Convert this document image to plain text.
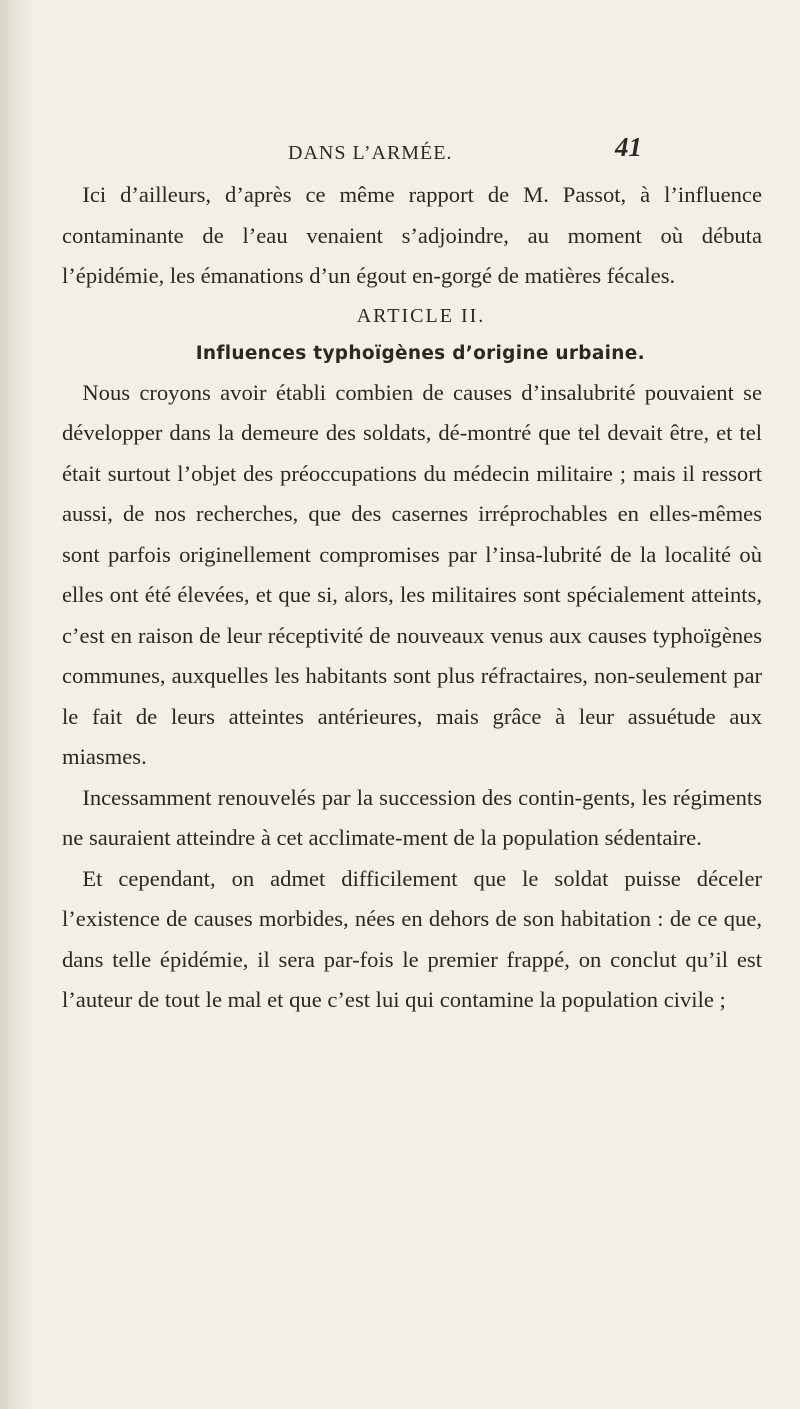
DANS L’ARMÉE.	41

Ici d’ailleurs, d’après ce même rapport de M. Passot, à l’influence contaminante de l’eau venaient s’adjoindre, au moment où débuta l’épidémie, les émanations d’un égout en-gorgé de matières fécales.

ARTICLE II.

Influences typhoïgènes d’origine urbaine.

Nous croyons avoir établi combien de causes d’insalubrité pouvaient se développer dans la demeure des soldats, dé-montré que tel devait être, et tel était surtout l’objet des préoccupations du médecin militaire ; mais il ressort aussi, de nos recherches, que des casernes irréprochables en elles-mêmes sont parfois originellement compromises par l’insa-lubrité de la localité où elles ont été élevées, et que si, alors, les militaires sont spécialement atteints, c’est en raison de leur réceptivité de nouveaux venus aux causes typhoïgènes communes, auxquelles les habitants sont plus réfractaires, non-seulement par le fait de leurs atteintes antérieures, mais grâce à leur assuétude aux miasmes.

Incessamment renouvelés par la succession des contin-gents, les régiments ne sauraient atteindre à cet acclimate-ment de la population sédentaire.

Et cependant, on admet difficilement que le soldat puisse déceler l’existence de causes morbides, nées en dehors de son habitation : de ce que, dans telle épidémie, il sera par-fois le premier frappé, on conclut qu’il est l’auteur de tout le mal et que c’est lui qui contamine la population civile ;
